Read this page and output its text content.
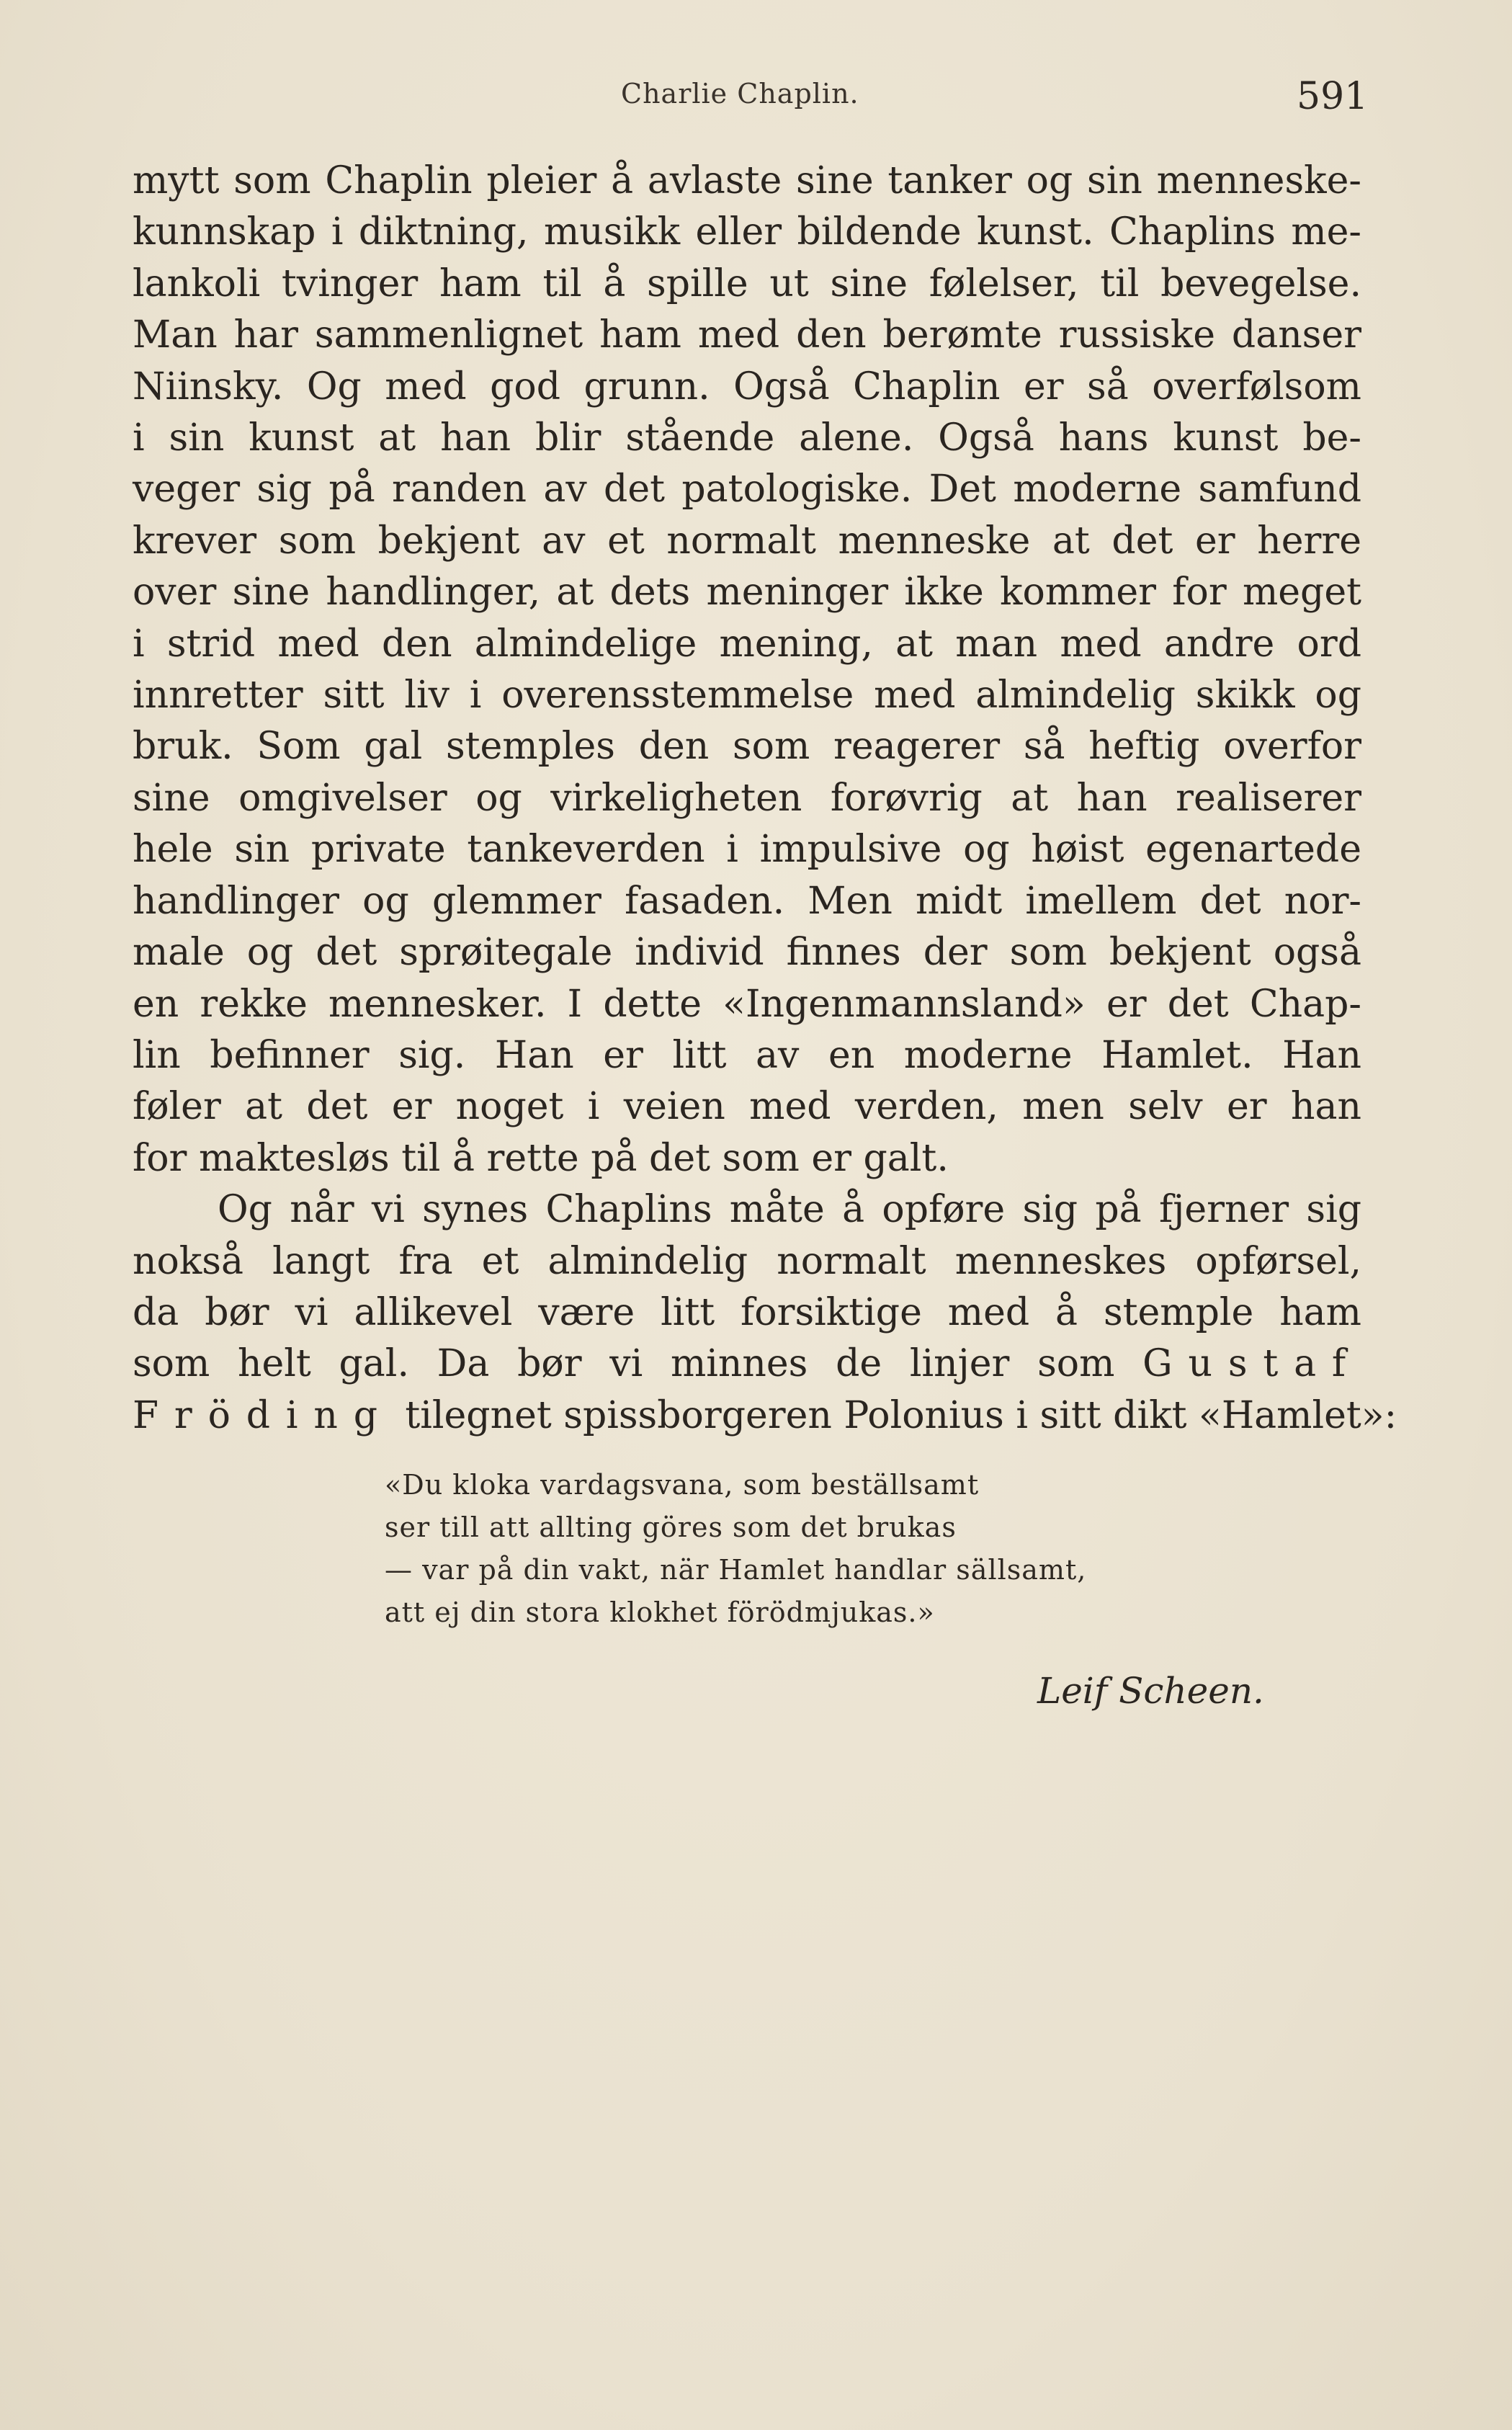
Charlie Chaplin.	591
mytt som Chaplin pleier å avlaste sine tanker og sin menneske-
kunnskap i diktning, musikk eller bildende kunst. Chaplins me-
lankoli tvinger ham til å spille ut sine følelser, til bevegelse.
Man har sammenlignet ham med den berømte russiske danser
Niinsky. Og med god grunn. Også Chaplin er så overfølsom
i sin kunst at han blir stående alene. Også hans kunst be-
veger sig på randen av det patologiske. Det moderne samfund
krever som bekjent av et normalt menneske at det er herre
over sine handlinger, at dets meninger ikke kommer for meget
i strid med den almindelige mening, at man med andre ord
innretter sitt liv i overensstemmelse med almindelig skikk og
bruk. Som gal stemples den som reagerer så heftig overfor
sine omgivelser og virkeligheten forøvrig at han realiserer
hele sin private tankeverden i impulsive og høist egenartede
handlinger og glemmer fasaden. Men midt imellem det nor-
male og det sprøitegale individ finnes der som bekjent også
en rekke mennesker. I dette «Ingenmannsland» er det Chap-
lin befinner sig. Han er litt av en moderne Hamlet. Han
føler at det er noget i veien med verden, men selv er han
for maktesløs til å rette på det som er galt.
Og når vi synes Chaplins måte å opføre sig på fjerner sig
nokså langt fra et almindelig normalt menneskes opførsel,
da bør vi allikevel være litt forsiktige med å stemple ham
som helt gal. Da bør vi minnes de linjer som Gustaf
Fröding tilegnet spissborgeren Polonius i sitt dikt «Hamlet»:
«Du kloka vardagsvana, som beställsamt
ser till att allting göres som det brukas
— var på din vakt, när Hamlet handlar sällsamt,
att ej din stora klokhet förödmjukas.»
Leif Scheen.
